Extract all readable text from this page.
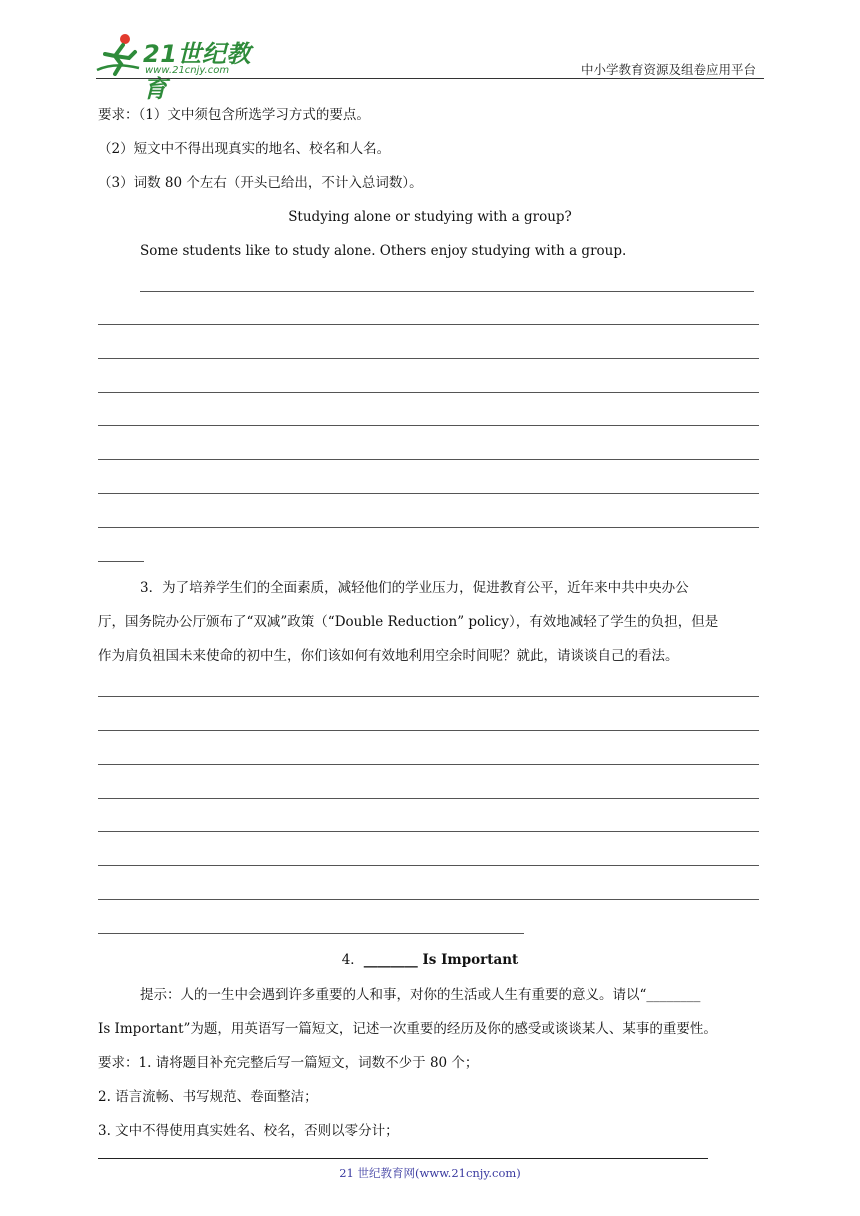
21世纪教育
www.21cnjy.com	中小学教育资源及组卷应用平台
要求：（1）文中须包含所选学习方式的要点。
（2）短文中不得出现真实的地名、校名和人名。
（3）词数 80 个左右（开头已给出，不计入总词数）。
Studying alone or studying with a group?
Some students like to study alone. Others enjoy studying with a group.
3．为了培养学生们的全面素质，减轻他们的学业压力，促进教育公平，近年来中共中央办公
厅，国务院办公厅颁布了“双减”政策（“Double Reduction” policy），有效地减轻了学生的负担，但是
作为肩负祖国未来使命的初中生，你们该如何有效地利用空余时间呢？就此，请谈谈自己的看法。
4．________ Is Important
提示：人的一生中会遇到许多重要的人和事，对你的生活或人生有重要的意义。请以“________
Is Important”为题，用英语写一篇短文，记述一次重要的经历及你的感受或谈谈某人、某事的重要性。
要求：1. 请将题目补充完整后写一篇短文，词数不少于 80 个；
2. 语言流畅、书写规范、卷面整洁；
3. 文中不得使用真实姓名、校名，否则以零分计；
21 世纪教育网(www.21cnjy.com)
